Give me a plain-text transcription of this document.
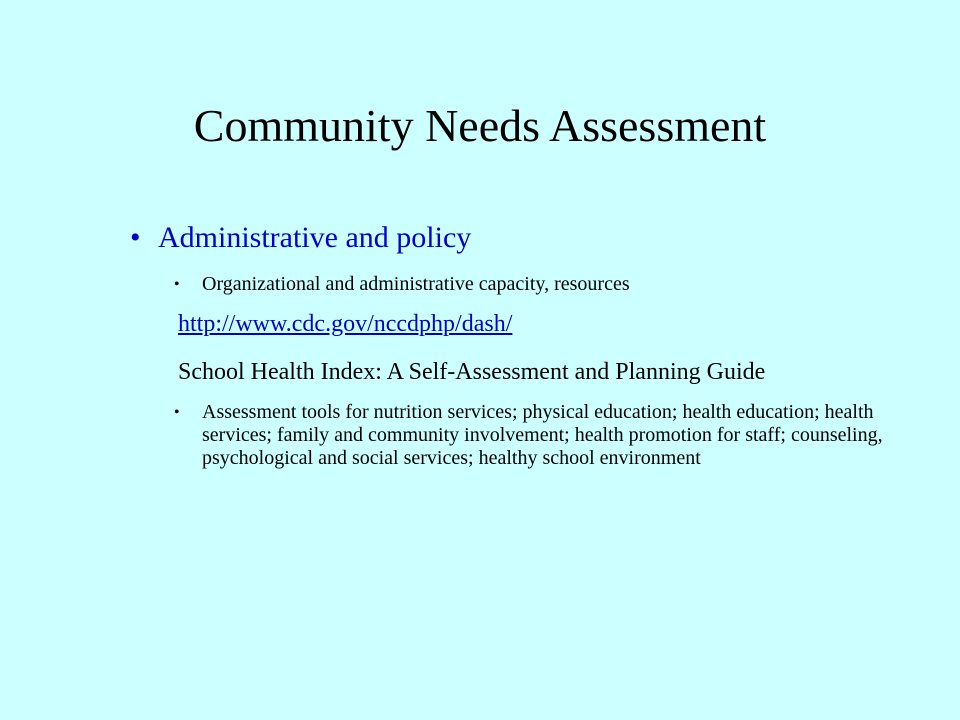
Community Needs Assessment
• Administrative and policy
• Organizational and administrative capacity, resources
http://www.cdc.gov/nccdphp/dash/
School Health Index: A Self-Assessment and Planning Guide
• Assessment tools for nutrition services; physical education; health education; health services; family and community involvement; health promotion for staff; counseling, psychological and social services; healthy school environment
